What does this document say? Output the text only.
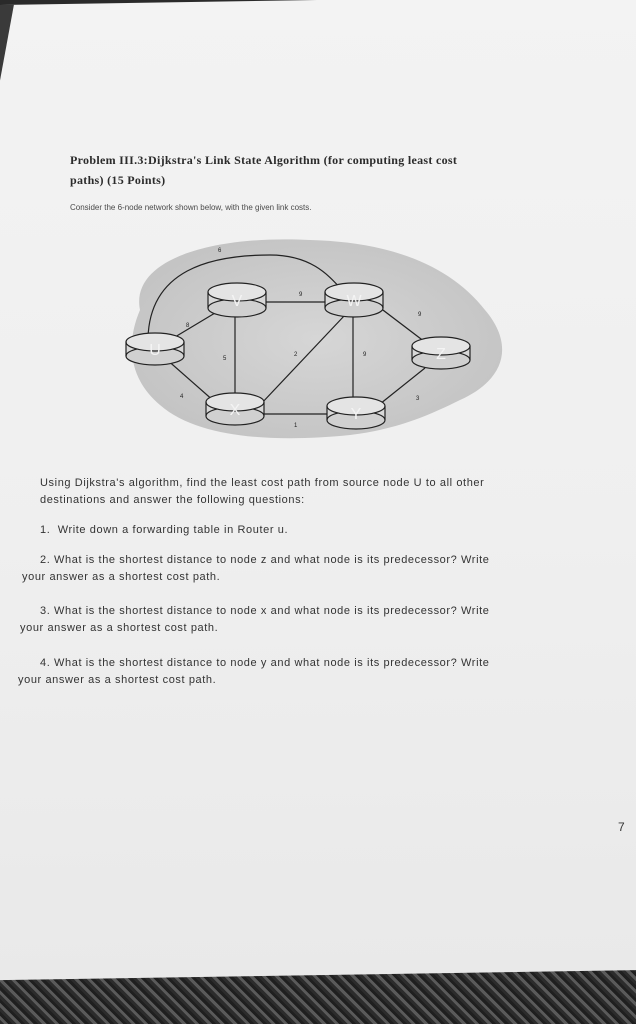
Problem III.3:Dijkstra's Link State Algorithm (for computing least cost
paths) (15 Points)
Consider the 6-node network shown below, with the given link costs.
6
8
4
9
5
2	9
9
1
3
V	W
U	Z
X	Y

Using Dijkstra's algorithm, find the least cost path from source node U to all other

destinations and answer the following questions:

1. Write down a forwarding table in Router u.

2. What is the shortest distance to node z and what node is its predecessor? Write

your answer as a shortest cost path.

3. What is the shortest distance to node x and what node is its predecessor? Write

your answer as a shortest cost path.

4. What is the shortest distance to node y and what node is its predecessor? Write

your answer as a shortest cost path.

7
